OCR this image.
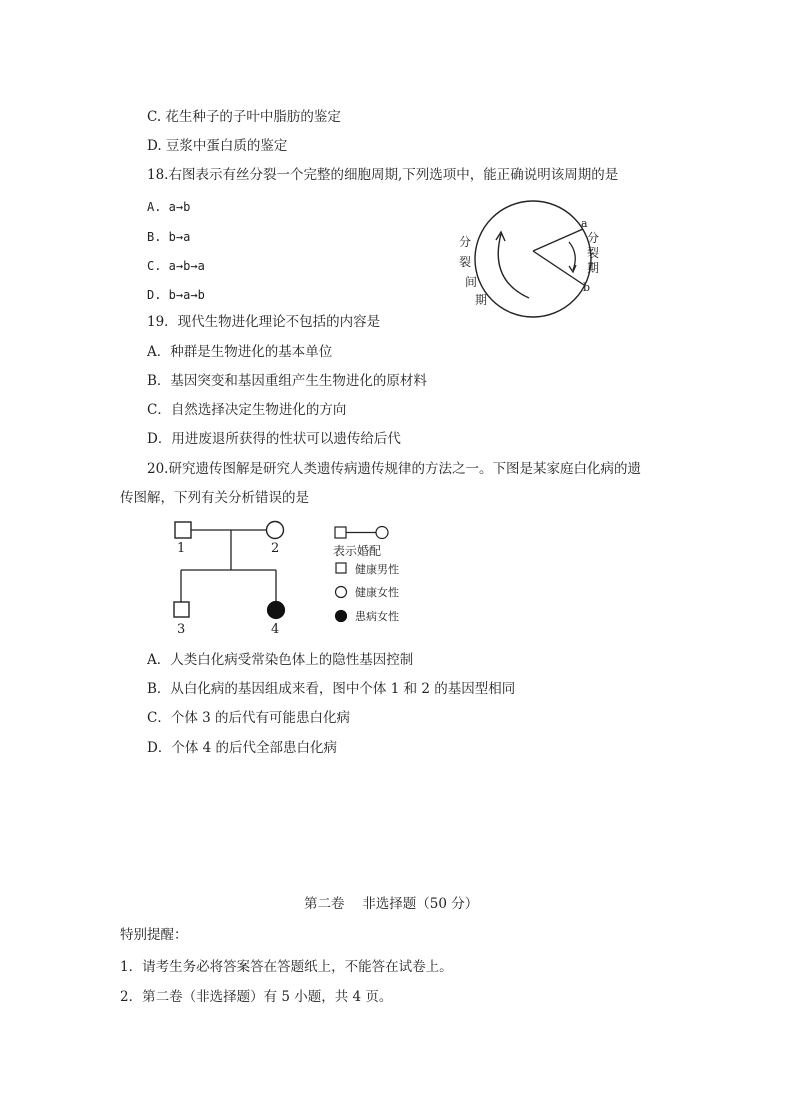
C. 花生种子的子叶中脂肪的鉴定
D. 豆浆中蛋白质的鉴定
18.右图表示有丝分裂一个完整的细胞周期,下列选项中，能正确说明该周期的是
A. a→b
B. b→a
C. a→b→a
D. b→a→b
a
b
分
裂
期
分
裂
间
期
19．现代生物进化理论不包括的内容是
A．种群是生物进化的基本单位
B．基因突变和基因重组产生生物进化的原材料
C．自然选择决定生物进化的方向
D．用进废退所获得的性状可以遗传给后代
20.研究遗传图解是研究人类遗传病遗传规律的方法之一。下图是某家庭白化病的遗
传图解，下列有关分析错误的是
1	2
3	4
表示婚配
健康男性
健康女性
患病女性
A．人类白化病受常染色体上的隐性基因控制
B．从白化病的基因组成来看，图中个体 1 和 2 的基因型相同
C．个体 3 的后代有可能患白化病
D．个体 4 的后代全部患白化病
第二卷　 非选择题（50 分）
特别提醒：
1．请考生务必将答案答在答题纸上，不能答在试卷上。
2．第二卷（非选择题）有 5 小题，共 4 页。
